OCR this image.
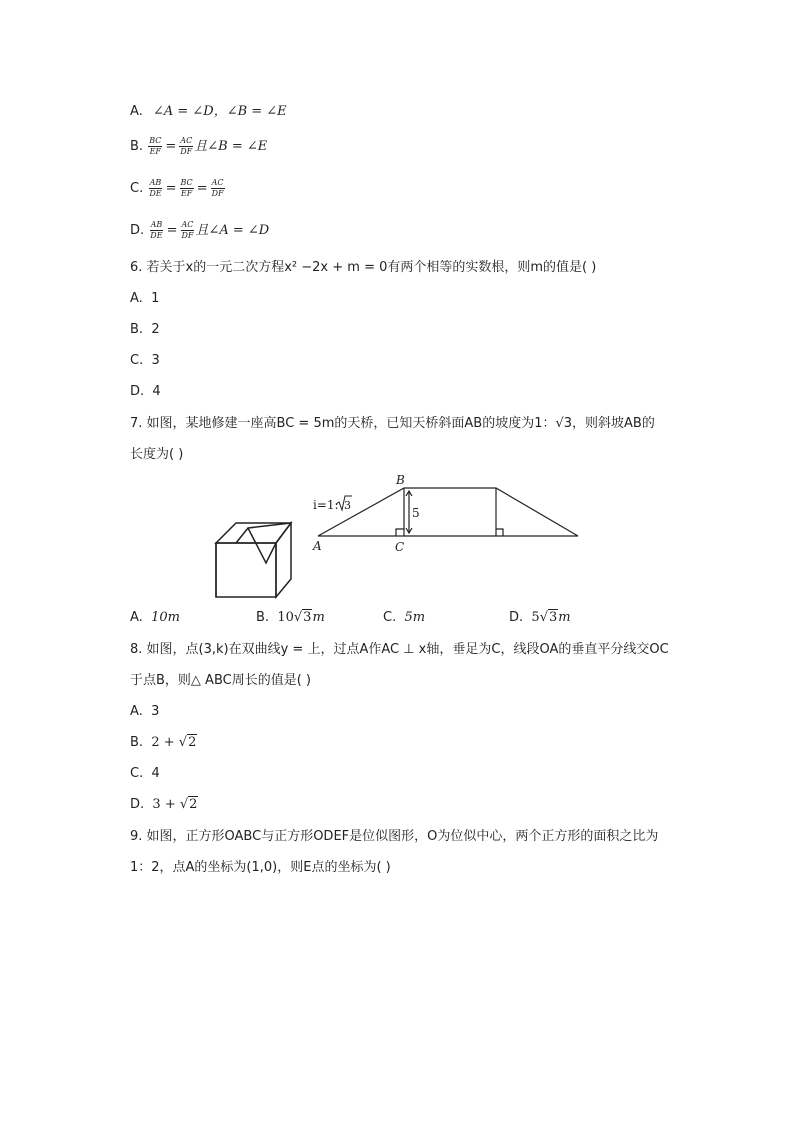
A. ∠A = ∠D，∠B = ∠E
B. $\frac{BC}{EF} = \frac{AC}{DF}$ 且∠B = ∠E
C. $\frac{AB}{DE} = \frac{BC}{EF} = \frac{AC}{DF}$
D. $\frac{AB}{DE} = \frac{AC}{DF}$ 且∠A = ∠D
6. 若关于x的一元二次方程x² −2x + m = 0有两个相等的实数根，则m的值是( )
A. 1
B. 2
C. 3
D. 4
7. 如图，某地修建一座高BC = 5m的天桥，已知天桥斜面AB的坡度为1：√3，则斜坡AB的
长度为( )
B
A	C
5
i=1: 3
A. 10m	B. 10√3m	C. 5m	D. 5√3m
8. 如图，点(3,k)在双曲线y = 上，过点A作AC ⊥ x轴，垂足为C，线段OA的垂直平分线交OC
于点B，则△ ABC周长的值是( )
A. 3
B. 2 + √2
C. 4
D. 3 + √2
9. 如图，正方形OABC与正方形ODEF是位似图形，O为位似中心，两个正方形的面积之比为
1：2，点A的坐标为(1,0)，则E点的坐标为( )
